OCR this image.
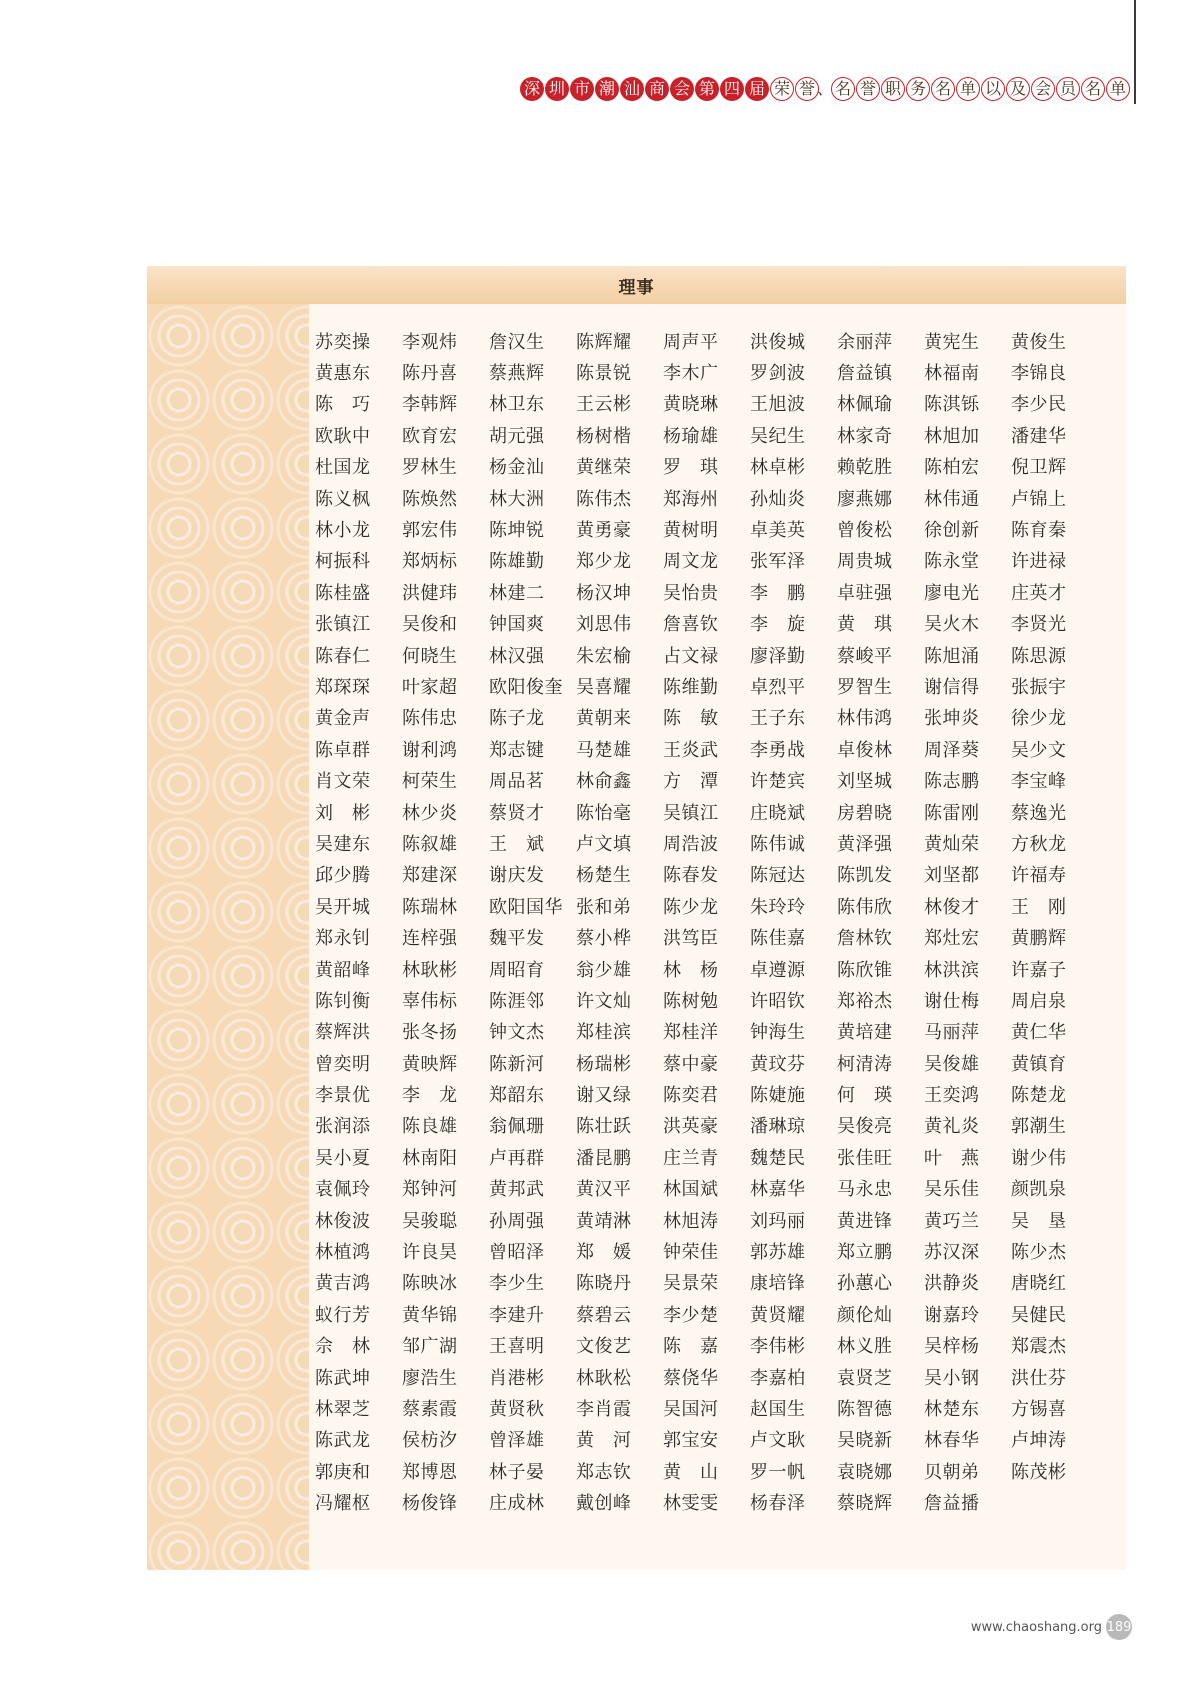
深 圳 市 潮 汕 商 会 第 四 届 荣 誉 、 名 誉 职 务 名 单 以 及 会 员 名 单
理事
苏奕操	李观炜	詹汉生	陈辉耀	周声平	洪俊城	余丽萍	黄宪生	黄俊生
黄惠东	陈丹喜	蔡燕辉	陈景锐	李木广	罗剑波	詹益镇	林福南	李锦良
陈　巧	李韩辉	林卫东	王云彬	黄晓琳	王旭波	林佩瑜	陈淇铄	李少民
欧耿中	欧育宏	胡元强	杨树楷	杨瑜雄	吴纪生	林家奇	林旭加	潘建华
杜国龙	罗林生	杨金汕	黄继荣	罗　琪	林卓彬	赖乾胜	陈柏宏	倪卫辉
陈义枫	陈焕然	林大洲	陈伟杰	郑海州	孙灿炎	廖燕娜	林伟通	卢锦上
林小龙	郭宏伟	陈坤锐	黄勇豪	黄树明	卓美英	曾俊松	徐创新	陈育秦
柯振科	郑炳标	陈雄勤	郑少龙	周文龙	张军泽	周贵城	陈永堂	许进禄
陈桂盛	洪健玮	林建二	杨汉坤	吴怡贵	李　鹏	卓驻强	廖电光	庄英才
张镇江	吴俊和	钟国爽	刘思伟	詹喜钦	李　旋	黄　琪	吴火木	李贤光
陈春仁	何晓生	林汉强	朱宏榆	占文禄	廖泽勤	蔡峻平	陈旭涌	陈思源
郑琛琛	叶家超	欧阳俊奎 吴喜耀	陈维勤	卓烈平	罗智生	谢信得	张振宇
黄金声	陈伟忠	陈子龙	黄朝来	陈　敏	王子东	林伟鸿	张坤炎	徐少龙
陈卓群	谢利鸿	郑志键	马楚雄	王炎武	李勇战	卓俊林	周泽葵	吴少文
肖文荣	柯荣生	周品茗	林俞鑫	方　潭	许楚宾	刘坚城	陈志鹏	李宝峰
刘　彬	林少炎	蔡贤才	陈怡毫	吴镇江	庄晓斌	房碧晓	陈雷刚	蔡逸光
吴建东	陈叙雄	王　斌	卢文填	周浩波	陈伟诚	黄泽强	黄灿荣	方秋龙
邱少腾	郑建深	谢庆发	杨楚生	陈春发	陈冠达	陈凯发	刘坚都	许福寿
吴开城	陈瑞林	欧阳国华 张和弟	陈少龙	朱玲玲	陈伟欣	林俊才	王　刚
郑永钊	连梓强	魏平发	蔡小桦	洪笃臣	陈佳嘉	詹林钦	郑灶宏	黄鹏辉
黄韶峰	林耿彬	周昭育	翁少雄	林　杨	卓遵源	陈欣锥	林洪滨	许嘉子
陈钊衡	辜伟标	陈涯邻	许文灿	陈树勉	许昭钦	郑裕杰	谢仕梅	周启泉
蔡辉洪	张冬扬	钟文杰	郑桂滨	郑桂洋	钟海生	黄培建	马丽萍	黄仁华
曾奕明	黄映辉	陈新河	杨瑞彬	蔡中豪	黄玟芬	柯清涛	吴俊雄	黄镇育
李景优	李　龙	郑韶东	谢又绿	陈奕君	陈婕施	何　瑛	王奕鸿	陈楚龙
张润添	陈良雄	翁佩珊	陈壮跃	洪英豪	潘琳琼	吴俊亮	黄礼炎	郭潮生
吴小夏	林南阳	卢再群	潘昆鹏	庄兰青	魏楚民	张佳旺	叶　燕	谢少伟
袁佩玲	郑钟河	黄邦武	黄汉平	林国斌	林嘉华	马永忠	吴乐佳	颜凯泉
林俊波	吴骏聪	孙周强	黄靖淋	林旭涛	刘玛丽	黄进锋	黄巧兰	吴　垦
林植鸿	许良昊	曾昭泽	郑　媛	钟荣佳	郭苏雄	郑立鹏	苏汉深	陈少杰
黄吉鸿	陈映冰	李少生	陈晓丹	吴景荣	康培锋	孙蕙心	洪静炎	唐晓红
蚁行芳	黄华锦	李建升	蔡碧云	李少楚	黄贤耀	颜伦灿	谢嘉玲	吴健民
佘　林	邹广湖	王喜明	文俊艺	陈　嘉	李伟彬	林义胜	吴梓杨	郑震杰
陈武坤	廖浩生	肖港彬	林耿松	蔡侥华	李嘉柏	袁贤芝	吴小钢	洪仕芬
林翠芝	蔡素霞	黄贤秋	李肖霞	吴国河	赵国生	陈智德	林楚东	方锡喜
陈武龙	侯枋汐	曾泽雄	黄　河	郭宝安	卢文耿	吴晓新	林春华	卢坤涛
郭庚和	郑博恩	林子晏	郑志钦	黄　山	罗一帆	袁晓娜	贝朝弟	陈茂彬
冯耀枢	杨俊锋	庄成林	戴创峰	林雯雯	杨春泽	蔡晓辉	詹益播
www.chaoshang.org 189
